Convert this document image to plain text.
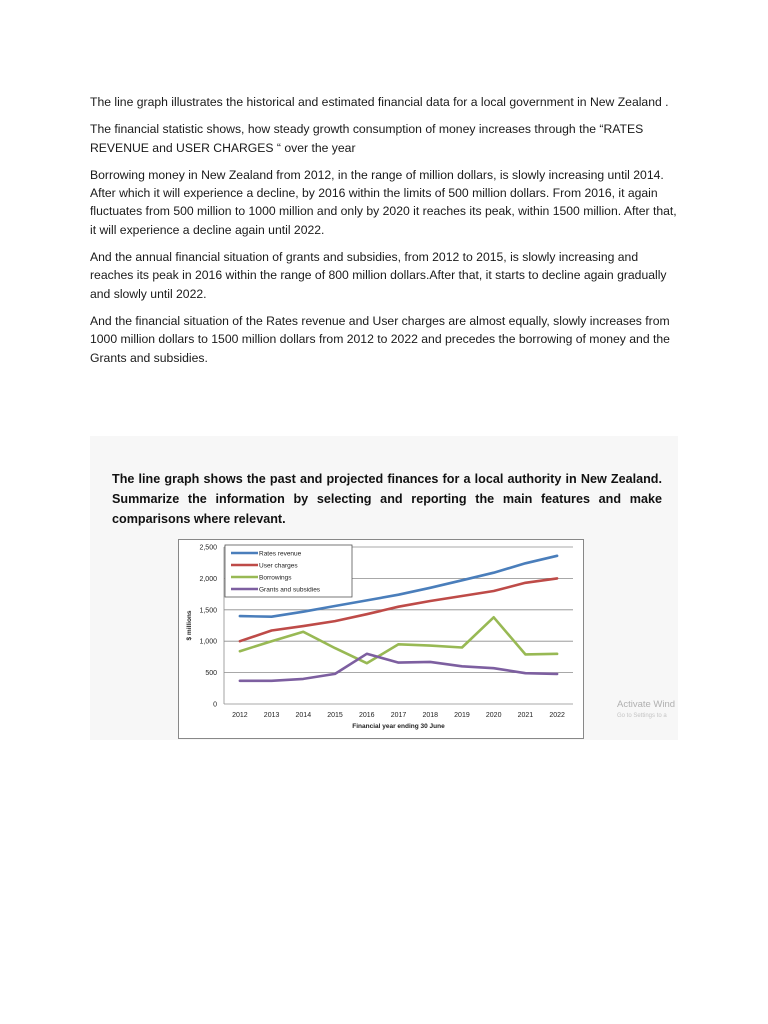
The line graph illustrates the historical and estimated financial data for a local government in New Zealand .

The financial statistic shows, how steady growth consumption of money increases through the “RATES REVENUE and USER CHARGES “ over the year

Borrowing money in New Zealand from 2012, in the range of million dollars, is slowly increasing until 2014. After which it will experience a decline, by 2016 within the limits of 500 million dollars. From 2016, it again fluctuates from 500 million to 1000 million and only by 2020 it reaches its peak, within 1500 million. After that, it will experience a decline again until 2022.

And the annual financial situation of grants and subsidies, from 2012 to 2015, is slowly increasing and reaches its peak in 2016 within the range of 800 million dollars.After that, it starts to decline again gradually and slowly until 2022.

And the financial situation of the Rates revenue and User charges are almost equally, slowly increases from 1000 million dollars to 1500 million dollars from 2012 to 2022 and precedes the borrowing of money and the Grants and subsidies.

The line graph shows the past and projected finances for a local authority in New Zealand. Summarize the information by selecting and reporting the main features and make comparisons where relevant.
0
500
1,000
1,500
2,000
2,500
$ millions
2012 2013 2014 2015 2016 2017 2018 2019 2020 2021 2022
Financial year ending 30 June
Rates revenue
User charges
Borrowings
Grants and subsidies
Activate Wind
Go to Settings to a
